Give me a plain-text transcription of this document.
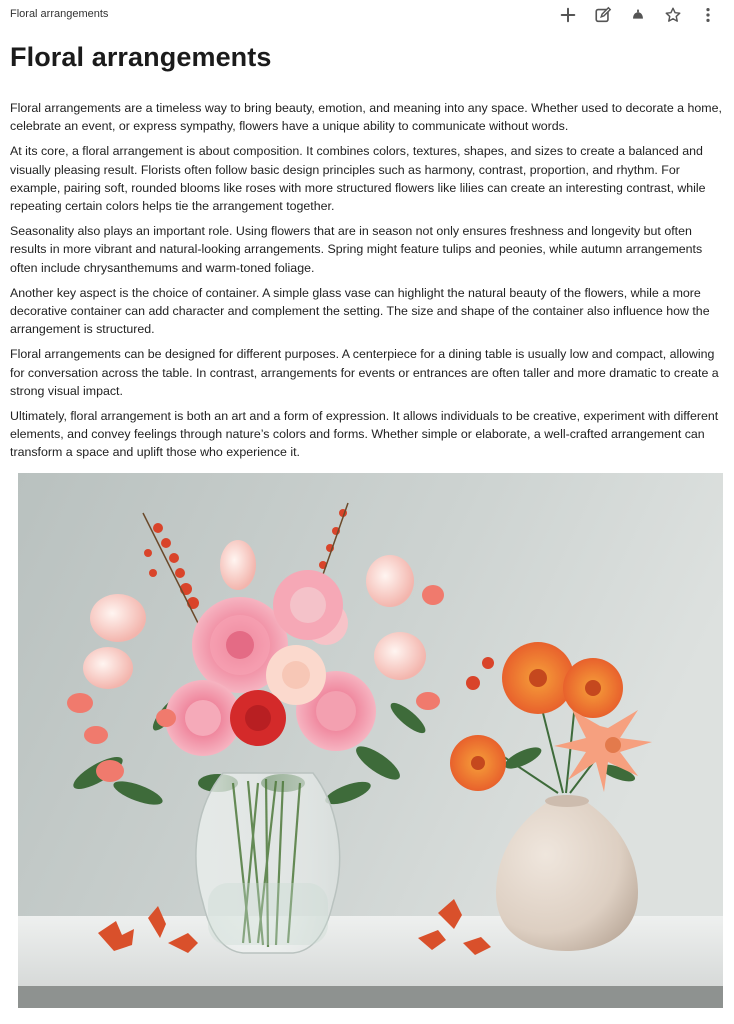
Floral arrangements
Floral arrangements

Floral arrangements are a timeless way to bring beauty, emotion, and meaning into any space. Whether used to decorate a home, celebrate an event, or express sympathy, flowers have a unique ability to communicate without words.

At its core, a floral arrangement is about composition. It combines colors, textures, shapes, and sizes to create a balanced and visually pleasing result. Florists often follow basic design principles such as harmony, contrast, proportion, and rhythm. For example, pairing soft, rounded blooms like roses with more structured flowers like lilies can create an interesting contrast, while repeating certain colors helps tie the arrangement together.

Seasonality also plays an important role. Using flowers that are in season not only ensures freshness and longevity but often results in more vibrant and natural-looking arrangements. Spring might feature tulips and peonies, while autumn arrangements often include chrysanthemums and warm-toned foliage.

Another key aspect is the choice of container. A simple glass vase can highlight the natural beauty of the flowers, while a more decorative container can add character and complement the setting. The size and shape of the container also influence how the arrangement is structured.

Floral arrangements can be designed for different purposes. A centerpiece for a dining table is usually low and compact, allowing for conversation across the table. In contrast, arrangements for events or entrances are often taller and more dramatic to create a strong visual impact.

Ultimately, floral arrangement is both an art and a form of expression. It allows individuals to be creative, experiment with different elements, and convey feelings through nature’s colors and forms. Whether simple or elaborate, a well-crafted arrangement can transform a space and uplift those who experience it.
